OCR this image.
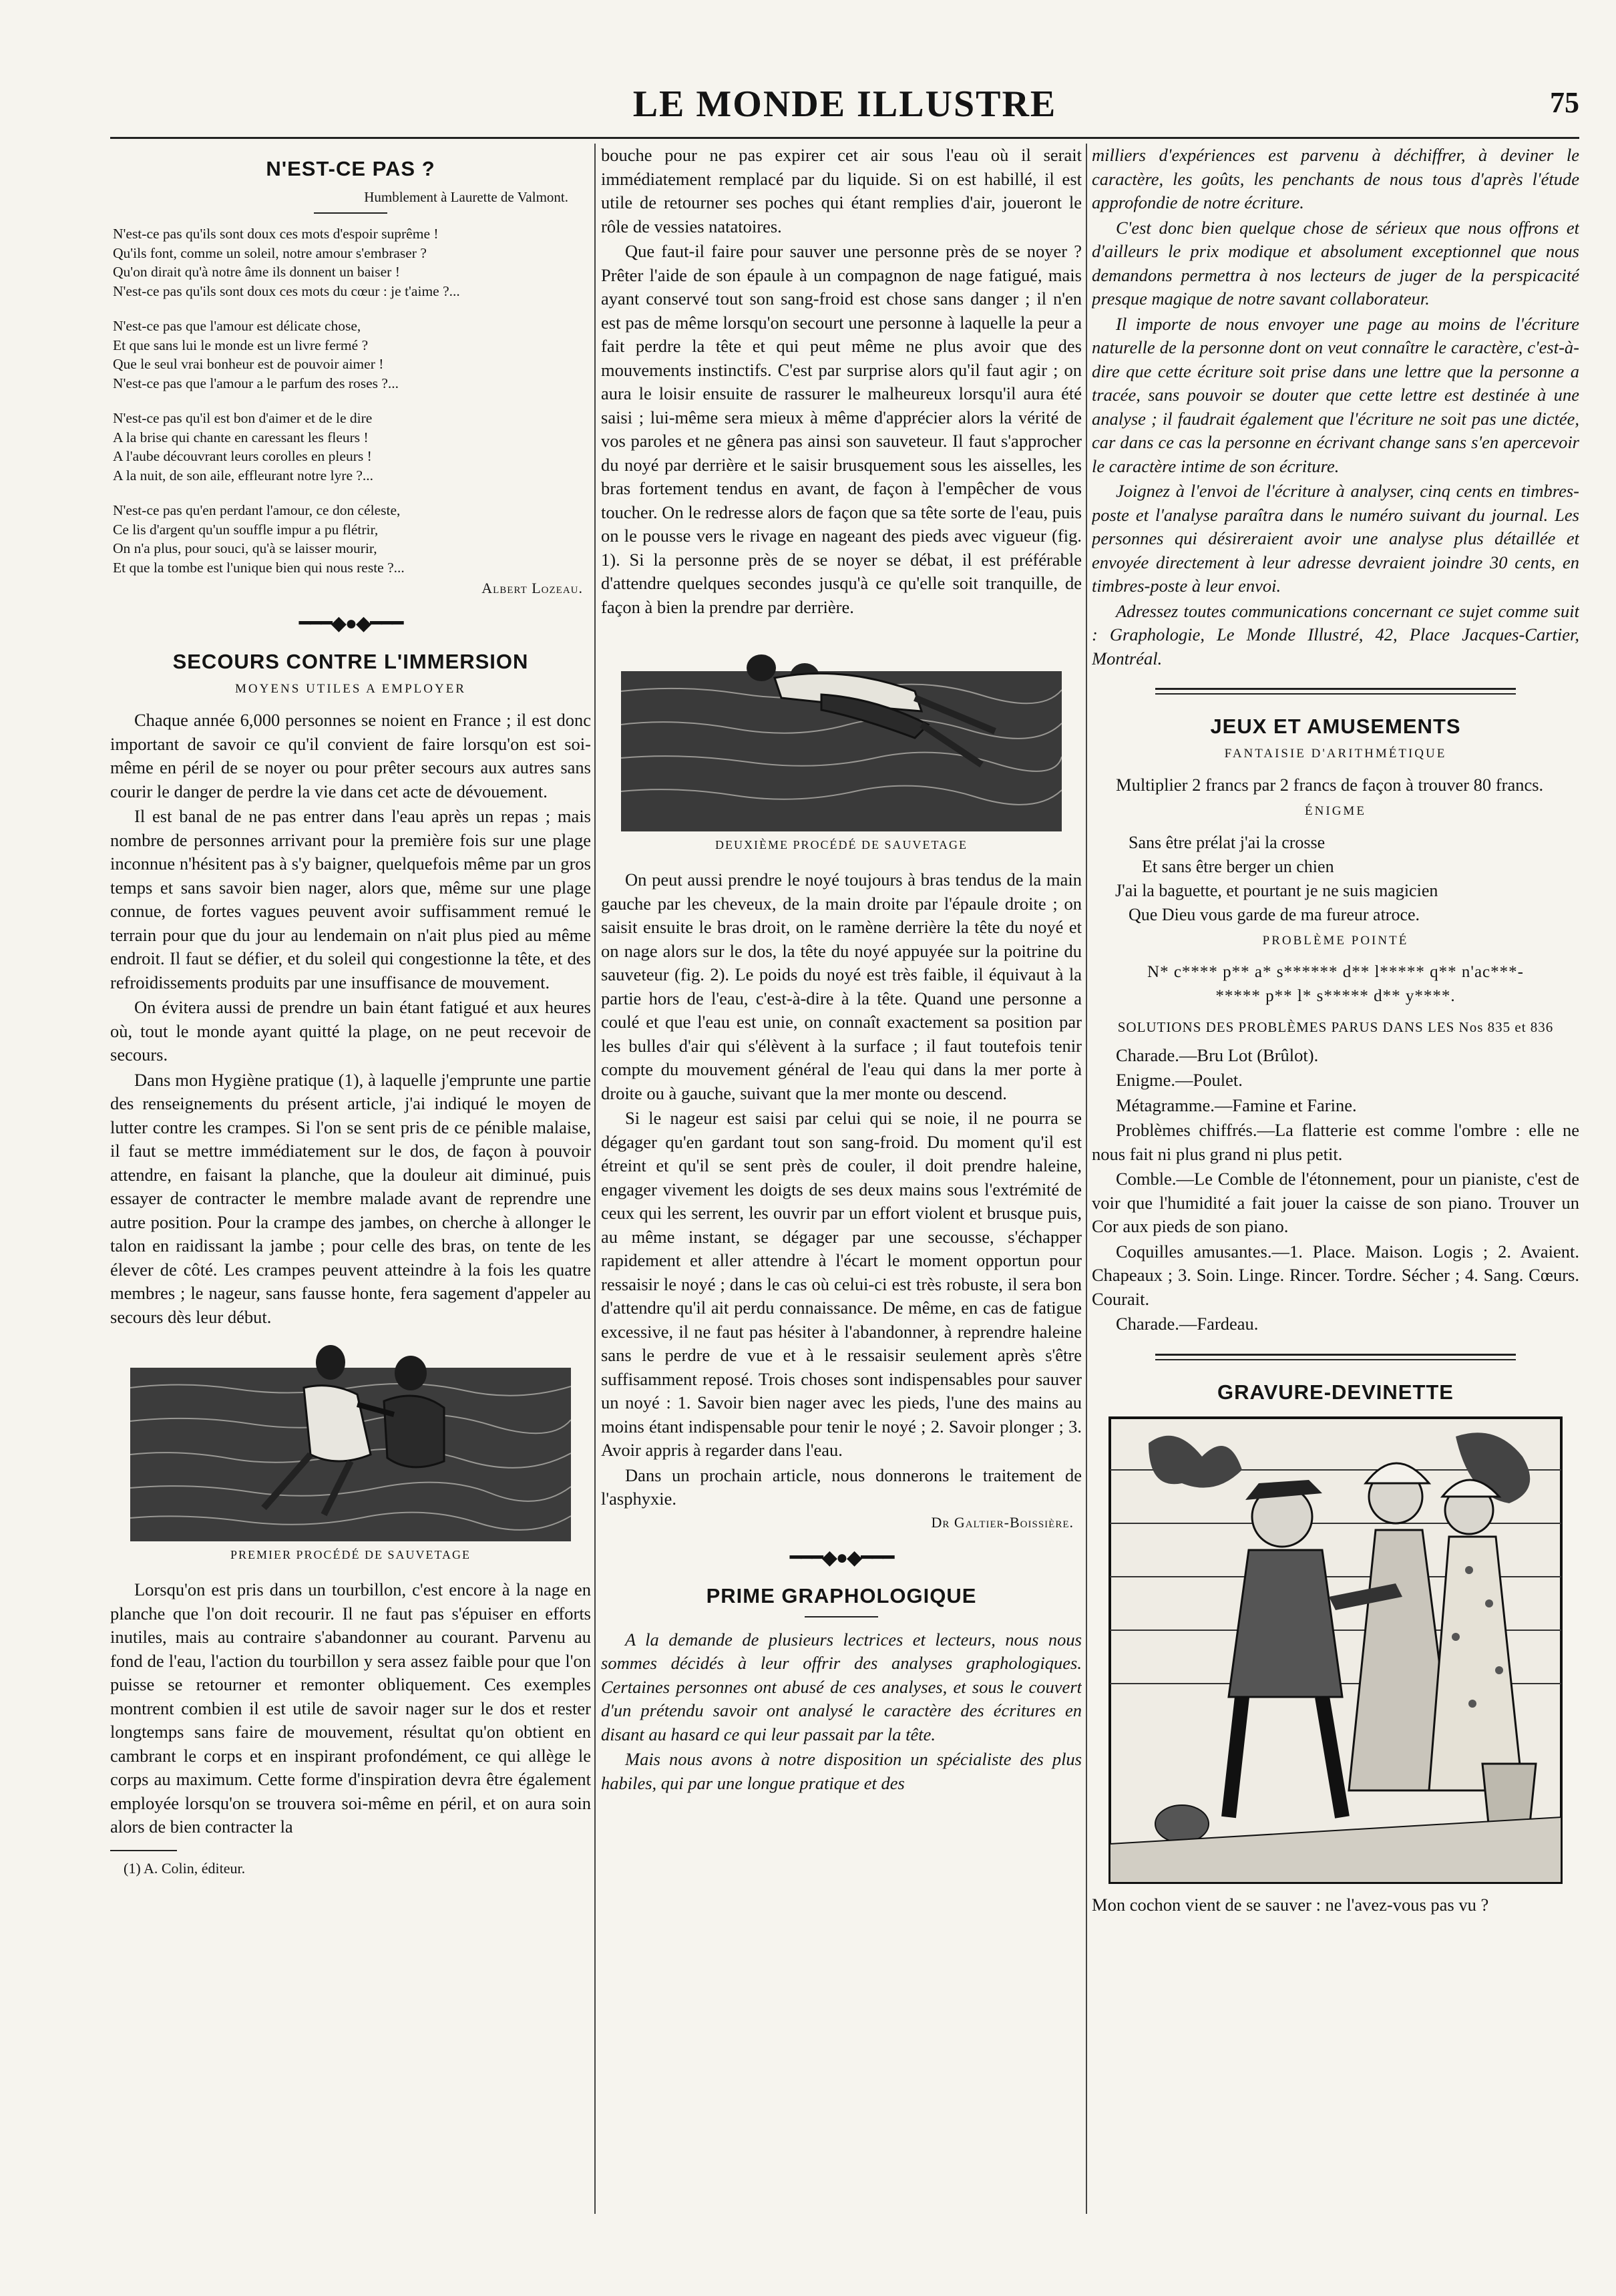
LE MONDE ILLUSTRE	75
N'EST-CE PAS ?
Humblement à Laurette de Valmont.
N'est-ce pas qu'ils sont doux ces mots d'espoir suprême !
Qu'ils font, comme un soleil, notre amour s'embraser ?
Qu'on dirait qu'à notre âme ils donnent un baiser !
N'est-ce pas qu'ils sont doux ces mots du cœur : je t'aime ?...
N'est-ce pas que l'amour est délicate chose,
Et que sans lui le monde est un livre fermé ?
Que le seul vrai bonheur est de pouvoir aimer !
N'est-ce pas que l'amour a le parfum des roses ?...
N'est-ce pas qu'il est bon d'aimer et de le dire
A la brise qui chante en caressant les fleurs !
A l'aube découvrant leurs corolles en pleurs !
A la nuit, de son aile, effleurant notre lyre ?...
N'est-ce pas qu'en perdant l'amour, ce don céleste,
Ce lis d'argent qu'un souffle impur a pu flétrir,
On n'a plus, pour souci, qu'à se laisser mourir,
Et que la tombe est l'unique bien qui nous reste ?...
Albert Lozeau.
━━━◆●◆━━━
SECOURS CONTRE L'IMMERSION
MOYENS UTILES A EMPLOYER

Chaque année 6,000 personnes se noient en France ; il est donc important de savoir ce qu'il convient de faire lorsqu'on est soi-même en péril de se noyer ou pour prêter secours aux autres sans courir le danger de perdre la vie dans cet acte de dévouement.

Il est banal de ne pas entrer dans l'eau après un repas ; mais nombre de personnes arrivant pour la première fois sur une plage inconnue n'hésitent pas à s'y baigner, quelquefois même par un gros temps et sans savoir bien nager, alors que, même sur une plage connue, de fortes vagues peuvent avoir suffisamment remué le terrain pour que du jour au lendemain on n'ait plus pied au même endroit. Il faut se défier, et du soleil qui congestionne la tête, et des refroidissements produits par une insuffisance de mouvement.

On évitera aussi de prendre un bain étant fatigué et aux heures où, tout le monde ayant quitté la plage, on ne peut recevoir de secours.

Dans mon Hygiène pratique (1), à laquelle j'emprunte une partie des renseignements du présent article, j'ai indiqué le moyen de lutter contre les crampes. Si l'on se sent pris de ce pénible malaise, il faut se mettre immédiatement sur le dos, de façon à pouvoir attendre, en faisant la planche, que la douleur ait diminué, puis essayer de contracter le membre malade avant de reprendre une autre position. Pour la crampe des jambes, on cherche à allonger le talon en raidissant la jambe ; pour celle des bras, on tente de les élever de côté. Les crampes peuvent atteindre à la fois les quatre membres ; le nageur, sans fausse honte, fera sagement d'appeler au secours dès leur début.

PREMIER PROCÉDÉ DE SAUVETAGE

Lorsqu'on est pris dans un tourbillon, c'est encore à la nage en planche que l'on doit recourir. Il ne faut pas s'épuiser en efforts inutiles, mais au contraire s'abandonner au courant. Parvenu au fond de l'eau, l'action du tourbillon y sera assez faible pour que l'on puisse se retourner et remonter obliquement. Ces exemples montrent combien il est utile de savoir nager sur le dos et rester longtemps sans faire de mouvement, résultat qu'on obtient en cambrant le corps et en inspirant profondément, ce qui allège le corps au maximum. Cette forme d'inspiration devra être également employée lorsqu'on se trouvera soi-même en péril, et on aura soin alors de bien contracter la

(1) A. Colin, éditeur.

bouche pour ne pas expirer cet air sous l'eau où il serait immédiatement remplacé par du liquide. Si on est habillé, il est utile de retourner ses poches qui étant remplies d'air, joueront le rôle de vessies natatoires.

Que faut-il faire pour sauver une personne près de se noyer ? Prêter l'aide de son épaule à un compagnon de nage fatigué, mais ayant conservé tout son sang-froid est chose sans danger ; il n'en est pas de même lorsqu'on secourt une personne à laquelle la peur a fait perdre la tête et qui peut même ne plus avoir que des mouvements instinctifs. C'est par surprise alors qu'il faut agir ; on aura le loisir ensuite de rassurer le malheureux lorsqu'il aura été saisi ; lui-même sera mieux à même d'apprécier alors la vérité de vos paroles et ne gênera pas ainsi son sauveteur. Il faut s'approcher du noyé par derrière et le saisir brusquement sous les aisselles, les bras fortement tendus en avant, de façon à l'empêcher de vous toucher. On le redresse alors de façon que sa tête sorte de l'eau, puis on le pousse vers le rivage en nageant des pieds avec vigueur (fig. 1). Si la personne près de se noyer se débat, il est préférable d'attendre quelques secondes jusqu'à ce qu'elle soit tranquille, de façon à bien la prendre par derrière.

DEUXIÈME PROCÉDÉ DE SAUVETAGE

On peut aussi prendre le noyé toujours à bras tendus de la main gauche par les cheveux, de la main droite par l'épaule droite ; on saisit ensuite le bras droit, on le ramène derrière la tête du noyé et on nage alors sur le dos, la tête du noyé appuyée sur la poitrine du sauveteur (fig. 2). Le poids du noyé est très faible, il équivaut à la partie hors de l'eau, c'est-à-dire à la tête. Quand une personne a coulé et que l'eau est unie, on connaît exactement sa position par les bulles d'air qui s'élèvent à la surface ; il faut toutefois tenir compte du mouvement général de l'eau qui dans la mer porte à droite ou à gauche, suivant que la mer monte ou descend.

Si le nageur est saisi par celui qui se noie, il ne pourra se dégager qu'en gardant tout son sang-froid. Du moment qu'il est étreint et qu'il se sent près de couler, il doit prendre haleine, engager vivement les doigts de ses deux mains sous l'extrémité de ceux qui les serrent, les ouvrir par un effort violent et brusque puis, au même instant, se dégager par une secousse, s'échapper rapidement et aller attendre à l'écart le moment opportun pour ressaisir le noyé ; dans le cas où celui-ci est très robuste, il sera bon d'attendre qu'il ait perdu connaissance. De même, en cas de fatigue excessive, il ne faut pas hésiter à l'abandonner, à reprendre haleine sans le perdre de vue et à le ressaisir seulement après s'être suffisamment reposé. Trois choses sont indispensables pour sauver un noyé : 1. Savoir bien nager avec les pieds, l'une des mains au moins étant indispensable pour tenir le noyé ; 2. Savoir plonger ; 3. Avoir appris à regarder dans l'eau.

Dans un prochain article, nous donnerons le traitement de l'asphyxie.

Dr Galtier-Boissière.
━━━◆●◆━━━
PRIME GRAPHOLOGIQUE

A la demande de plusieurs lectrices et lecteurs, nous nous sommes décidés à leur offrir des analyses graphologiques. Certaines personnes ont abusé de ces analyses, et sous le couvert d'un prétendu savoir ont analysé le caractère des écritures en disant au hasard ce qui leur passait par la tête.

Mais nous avons à notre disposition un spécialiste des plus habiles, qui par une longue pratique et des

milliers d'expériences est parvenu à déchiffrer, à deviner le caractère, les goûts, les penchants de nous tous d'après l'étude approfondie de notre écriture.

C'est donc bien quelque chose de sérieux que nous offrons et d'ailleurs le prix modique et absolument exceptionnel que nous demandons permettra à nos lecteurs de juger de la perspicacité presque magique de notre savant collaborateur.

Il importe de nous envoyer une page au moins de l'écriture naturelle de la personne dont on veut connaître le caractère, c'est-à-dire que cette écriture soit prise dans une lettre que la personne a tracée, sans pouvoir se douter que cette lettre est destinée à une analyse ; il faudrait également que l'écriture ne soit pas une dictée, car dans ce cas la personne en écrivant change sans s'en apercevoir le caractère intime de son écriture.

Joignez à l'envoi de l'écriture à analyser, cinq cents en timbres-poste et l'analyse paraîtra dans le numéro suivant du journal. Les personnes qui désireraient avoir une analyse plus détaillée et envoyée directement à leur adresse devraient joindre 30 cents, en timbres-poste à leur envoi.

Adressez toutes communications concernant ce sujet comme suit : Graphologie, Le Monde Illustré, 42, Place Jacques-Cartier, Montréal.

JEUX ET AMUSEMENTS
FANTAISIE D'ARITHMÉTIQUE

Multiplier 2 francs par 2 francs de façon à trouver 80 francs.

ÉNIGME
Sans être prélat j'ai la crosse
Et sans être berger un chien
J'ai la baguette, et pourtant je ne suis magicien
Que Dieu vous garde de ma fureur atroce.
PROBLÈME POINTÉ
N* c**** p** a* s****** d** l***** q** n'ac***-
***** p** l* s***** d** y****.
SOLUTIONS DES PROBLÈMES PARUS DANS LES Nos 835 et 836

Charade.—Bru Lot (Brûlot).

Enigme.—Poulet.

Métagramme.—Famine et Farine.

Problèmes chiffrés.—La flatterie est comme l'ombre : elle ne nous fait ni plus grand ni plus petit.

Comble.—Le Comble de l'étonnement, pour un pianiste, c'est de voir que l'humidité a fait jouer la caisse de son piano. Trouver un Cor aux pieds de son piano.

Coquilles amusantes.—1. Place. Maison. Logis ; 2. Avaient. Chapeaux ; 3. Soin. Linge. Rincer. Tordre. Sécher ; 4. Sang. Cœurs. Courait.

Charade.—Fardeau.

GRAVURE-DEVINETTE

Mon cochon vient de se sauver : ne l'avez-vous pas vu ?
